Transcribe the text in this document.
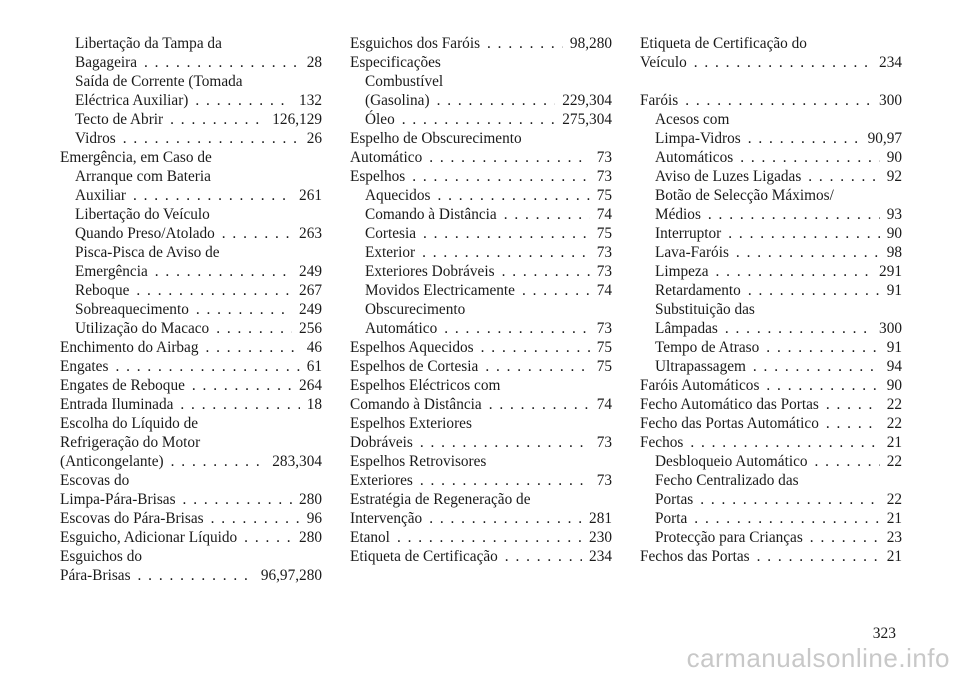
Libertação da Tampa da
Bagageira . . .	28
Saída de Corrente (Tomada
Eléctrica Auxiliar) . . .	132
Tecto de Abrir . . .	126,129
Vidros . . .	26
Emergência, em Caso de
Arranque com Bateria
Auxiliar . . .	261
Libertação do Veículo
Quando Preso/Atolado . . .	263
Pisca-Pisca de Aviso de
Emergência . . .	249
Reboque . . .	267
Sobreaquecimento . . .	249
Utilização do Macaco . . .	256
Enchimento do Airbag . . .	46
Engates . . .	61
Engates de Reboque . . .	264
Entrada Iluminada . . .	18
Escolha do Líquido de
Refrigeração do Motor
(Anticongelante) . . .	283,304
Escovas do
Limpa-Pára-Brisas . . .	280
Escovas do Pára-Brisas . . .	96
Esguicho, Adicionar Líquido . . .	280
Esguichos do
Pára-Brisas . . .	96,97,280
Esguichos dos Faróis . . .	98,280
Especificações
Combustível
(Gasolina) . . .	229,304
Óleo . . .	275,304
Espelho de Obscurecimento
Automático . . .	73
Espelhos . . .	73
Aquecidos . . .	75
Comando à Distância . . .	74
Cortesia . . .	75
Exterior . . .	73
Exteriores Dobráveis . . .	73
Movidos Electricamente . . .	74
Obscurecimento
Automático . . .	73
Espelhos Aquecidos . . .	75
Espelhos de Cortesia . . .	75
Espelhos Eléctricos com
Comando à Distância . . .	74
Espelhos Exteriores
Dobráveis . . .	73
Espelhos Retrovisores
Exteriores . . .	73
Estratégia de Regeneração de
Intervenção . . .	281
Etanol . . .	230
Etiqueta de Certificação . . .	234
Etiqueta de Certificação do
Veículo . . .	234
Faróis . . .	300
Acesos com
Limpa-Vidros . . .	90,97
Automáticos . . .	90
Aviso de Luzes Ligadas . . .	92
Botão de Selecção Máximos/
Médios . . .	93
Interruptor . . .	90
Lava-Faróis . . .	98
Limpeza . . .	291
Retardamento . . .	91
Substituição das
Lâmpadas . . .	300
Tempo de Atraso . . .	91
Ultrapassagem . . .	94
Faróis Automáticos . . .	90
Fecho Automático das Portas . . .	22
Fecho das Portas Automático . . .	22
Fechos . . .	21
Desbloqueio Automático . . .	22
Fecho Centralizado das
Portas . . .	22
Porta . . .	21
Protecção para Crianças . . .	23
Fechos das Portas . . .	21
323
carmanualsonline.info
